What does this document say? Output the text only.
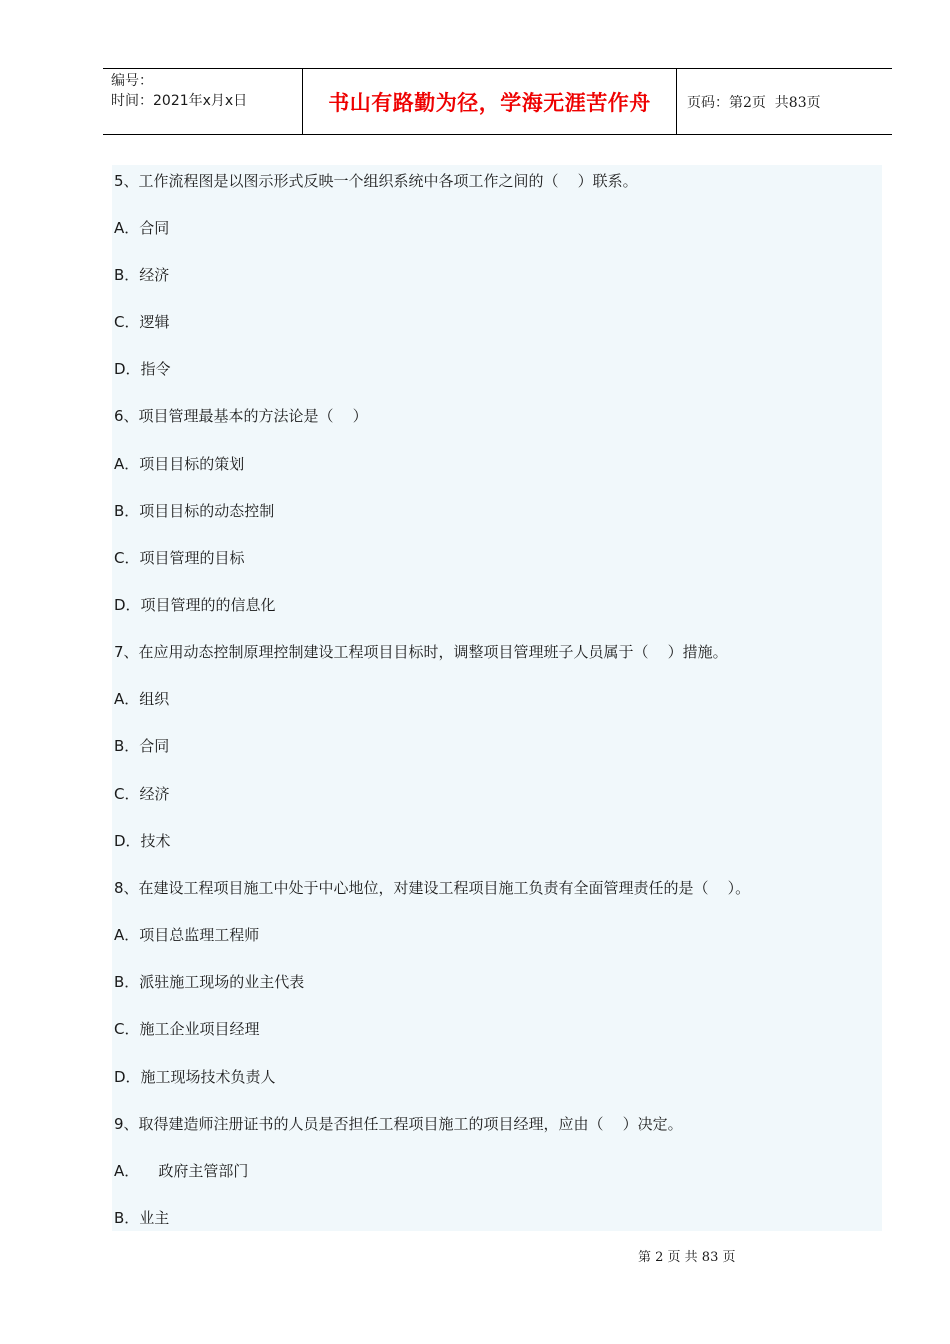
编号：
时间：2021年x月x日	书山有路勤为径，学海无涯苦作舟	页码：第2页  共83页
5、工作流程图是以图示形式反映一个组织系统中各项工作之间的（    ）联系。
A．合同
B．经济
C．逻辑
D．指令
6、项目管理最基本的方法论是（    ）
A．项目目标的策划
B．项目目标的动态控制
C．项目管理的目标
D．项目管理的的信息化
7、在应用动态控制原理控制建设工程项目目标时，调整项目管理班子人员属于（    ）措施。
A．组织
B．合同
C．经济
D．技术
8、在建设工程项目施工中处于中心地位，对建设工程项目施工负责有全面管理责任的是（    ）。
A．项目总监理工程师
B．派驻施工现场的业主代表
C．施工企业项目经理
D．施工现场技术负责人
9、取得建造师注册证书的人员是否担任工程项目施工的项目经理，应由（    ）决定。
A．    政府主管部门
B．业主
第 2 页 共 83 页
